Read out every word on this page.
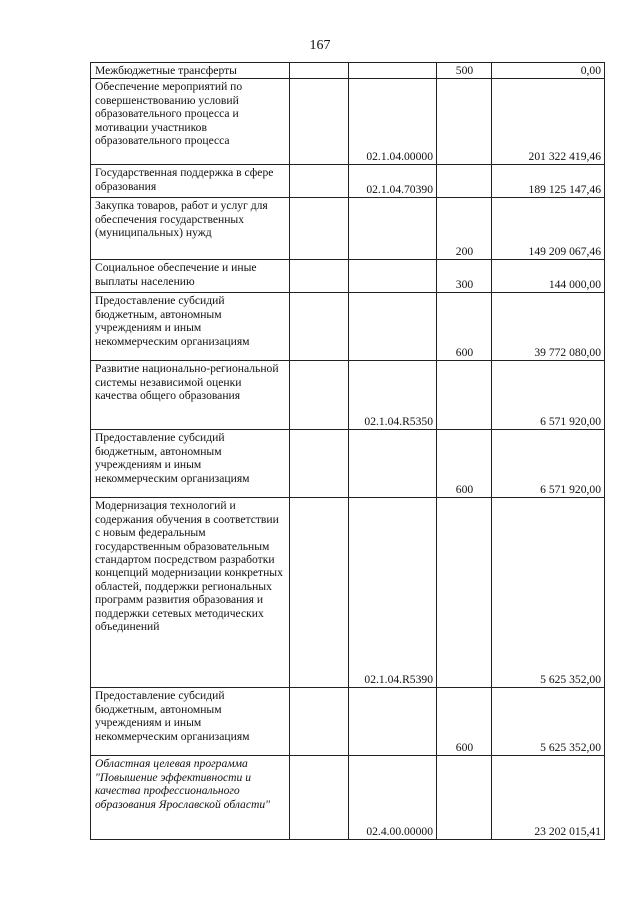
167
Межбюджетные трансферты			500	0,00
Обеспечение мероприятий по совершенствованию условий образовательного процесса и мотивации участников образовательного процесса		02.1.04.00000		201 322 419,46
Государственная поддержка в сфере образования		02.1.04.70390		189 125 147,46
Закупка товаров, работ и услуг для обеспечения государственных (муниципальных) нужд			200	149 209 067,46
Социальное обеспечение и иные выплаты населению			300	144 000,00
Предоставление субсидий бюджетным, автономным учреждениям и иным некоммерческим организациям			600	39 772 080,00
Развитие национально-региональной системы независимой оценки качества общего образования		02.1.04.R5350		6 571 920,00
Предоставление субсидий бюджетным, автономным учреждениям и иным некоммерческим организациям			600	6 571 920,00
Модернизация технологий и содержания обучения в соответствии с новым федеральным государственным образовательным стандартом посредством разработки концепций модернизации конкретных областей, поддержки региональных программ развития образования и поддержки сетевых методических объединений		02.1.04.R5390		5 625 352,00
Предоставление субсидий бюджетным, автономным учреждениям и иным некоммерческим организациям			600	5 625 352,00
Областная целевая программа "Повышение эффективности и качества профессионального образования Ярославской области"		02.4.00.00000		23 202 015,41
